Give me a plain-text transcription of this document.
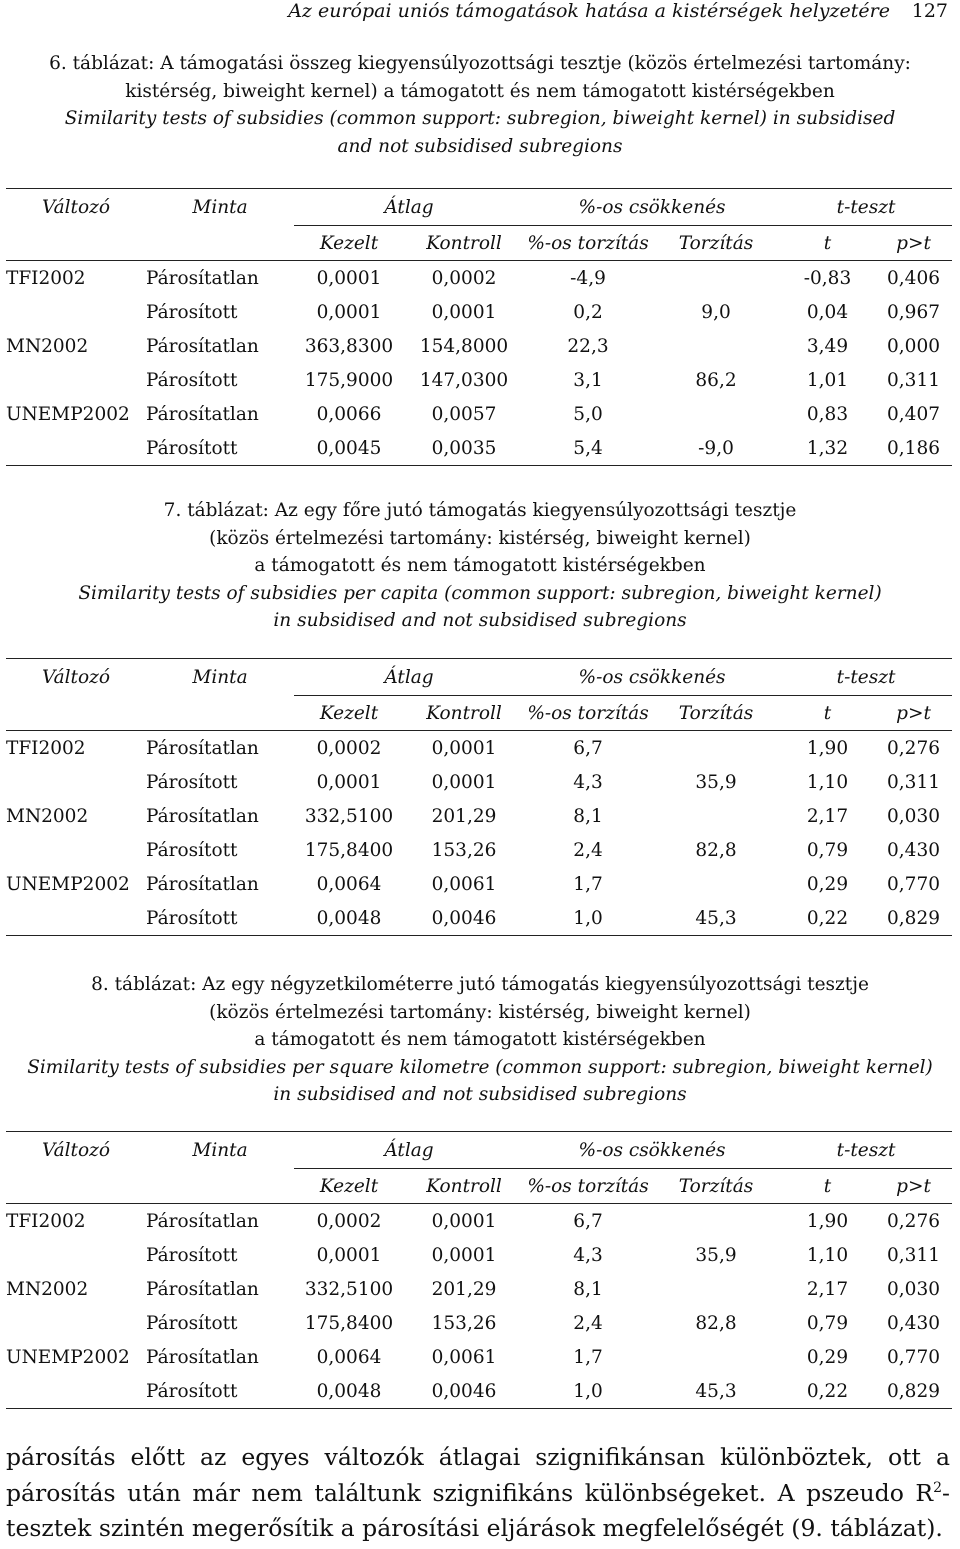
Az európai uniós támogatások hatása a kistérségek helyzetére 127
6. táblázat: A támogatási összeg kiegyensúlyozottsági tesztje (közös értelmezési tartomány:
kistérség, biweight kernel) a támogatott és nem támogatott kistérségekben
Similarity tests of subsidies (common support: subregion, biweight kernel) in subsidised
and not subsidised subregions
Változó	Minta	Átlag		%-os csökkenés		t-teszt	
		Kezelt	Kontroll	%-os torzítás	Torzítás	t	p>t
TFI2002	Párosítatlan	0,0001	0,0002	-4,9		-0,83	0,406
	Párosított	0,0001	0,0001	0,2	9,0	0,04	0,967
MN2002	Párosítatlan	363,8300	154,8000	22,3		3,49	0,000
	Párosított	175,9000	147,0300	3,1	86,2	1,01	0,311
UNEMP2002	Párosítatlan	0,0066	0,0057	5,0		0,83	0,407
	Párosított	0,0045	0,0035	5,4	-9,0	1,32	0,186
7. táblázat: Az egy főre jutó támogatás kiegyensúlyozottsági tesztje
(közös értelmezési tartomány: kistérség, biweight kernel)
a támogatott és nem támogatott kistérségekben
Similarity tests of subsidies per capita (common support: subregion, biweight kernel)
in subsidised and not subsidised subregions
Változó	Minta	Átlag		%-os csökkenés		t-teszt	
		Kezelt	Kontroll	%-os torzítás	Torzítás	t	p>t
TFI2002	Párosítatlan	0,0002	0,0001	6,7		1,90	0,276
	Párosított	0,0001	0,0001	4,3	35,9	1,10	0,311
MN2002	Párosítatlan	332,5100	201,29	8,1		2,17	0,030
	Párosított	175,8400	153,26	2,4	82,8	0,79	0,430
UNEMP2002	Párosítatlan	0,0064	0,0061	1,7		0,29	0,770
	Párosított	0,0048	0,0046	1,0	45,3	0,22	0,829
8. táblázat: Az egy négyzetkilométerre jutó támogatás kiegyensúlyozottsági tesztje
(közös értelmezési tartomány: kistérség, biweight kernel)
a támogatott és nem támogatott kistérségekben
Similarity tests of subsidies per square kilometre (common support: subregion, biweight kernel)
in subsidised and not subsidised subregions
Változó	Minta	Átlag		%-os csökkenés		t-teszt	
		Kezelt	Kontroll	%-os torzítás	Torzítás	t	p>t
TFI2002	Párosítatlan	0,0002	0,0001	6,7		1,90	0,276
	Párosított	0,0001	0,0001	4,3	35,9	1,10	0,311
MN2002	Párosítatlan	332,5100	201,29	8,1		2,17	0,030
	Párosított	175,8400	153,26	2,4	82,8	0,79	0,430
UNEMP2002	Párosítatlan	0,0064	0,0061	1,7		0,29	0,770
	Párosított	0,0048	0,0046	1,0	45,3	0,22	0,829
párosítás előtt az egyes változók átlagai szignifikánsan különböztek, ott a párosítás után már nem találtunk szignifikáns különbségeket. A pszeudo $R^2$-tesztek szintén megerősítik a párosítási eljárások megfelelőségét (9. táblázat).
